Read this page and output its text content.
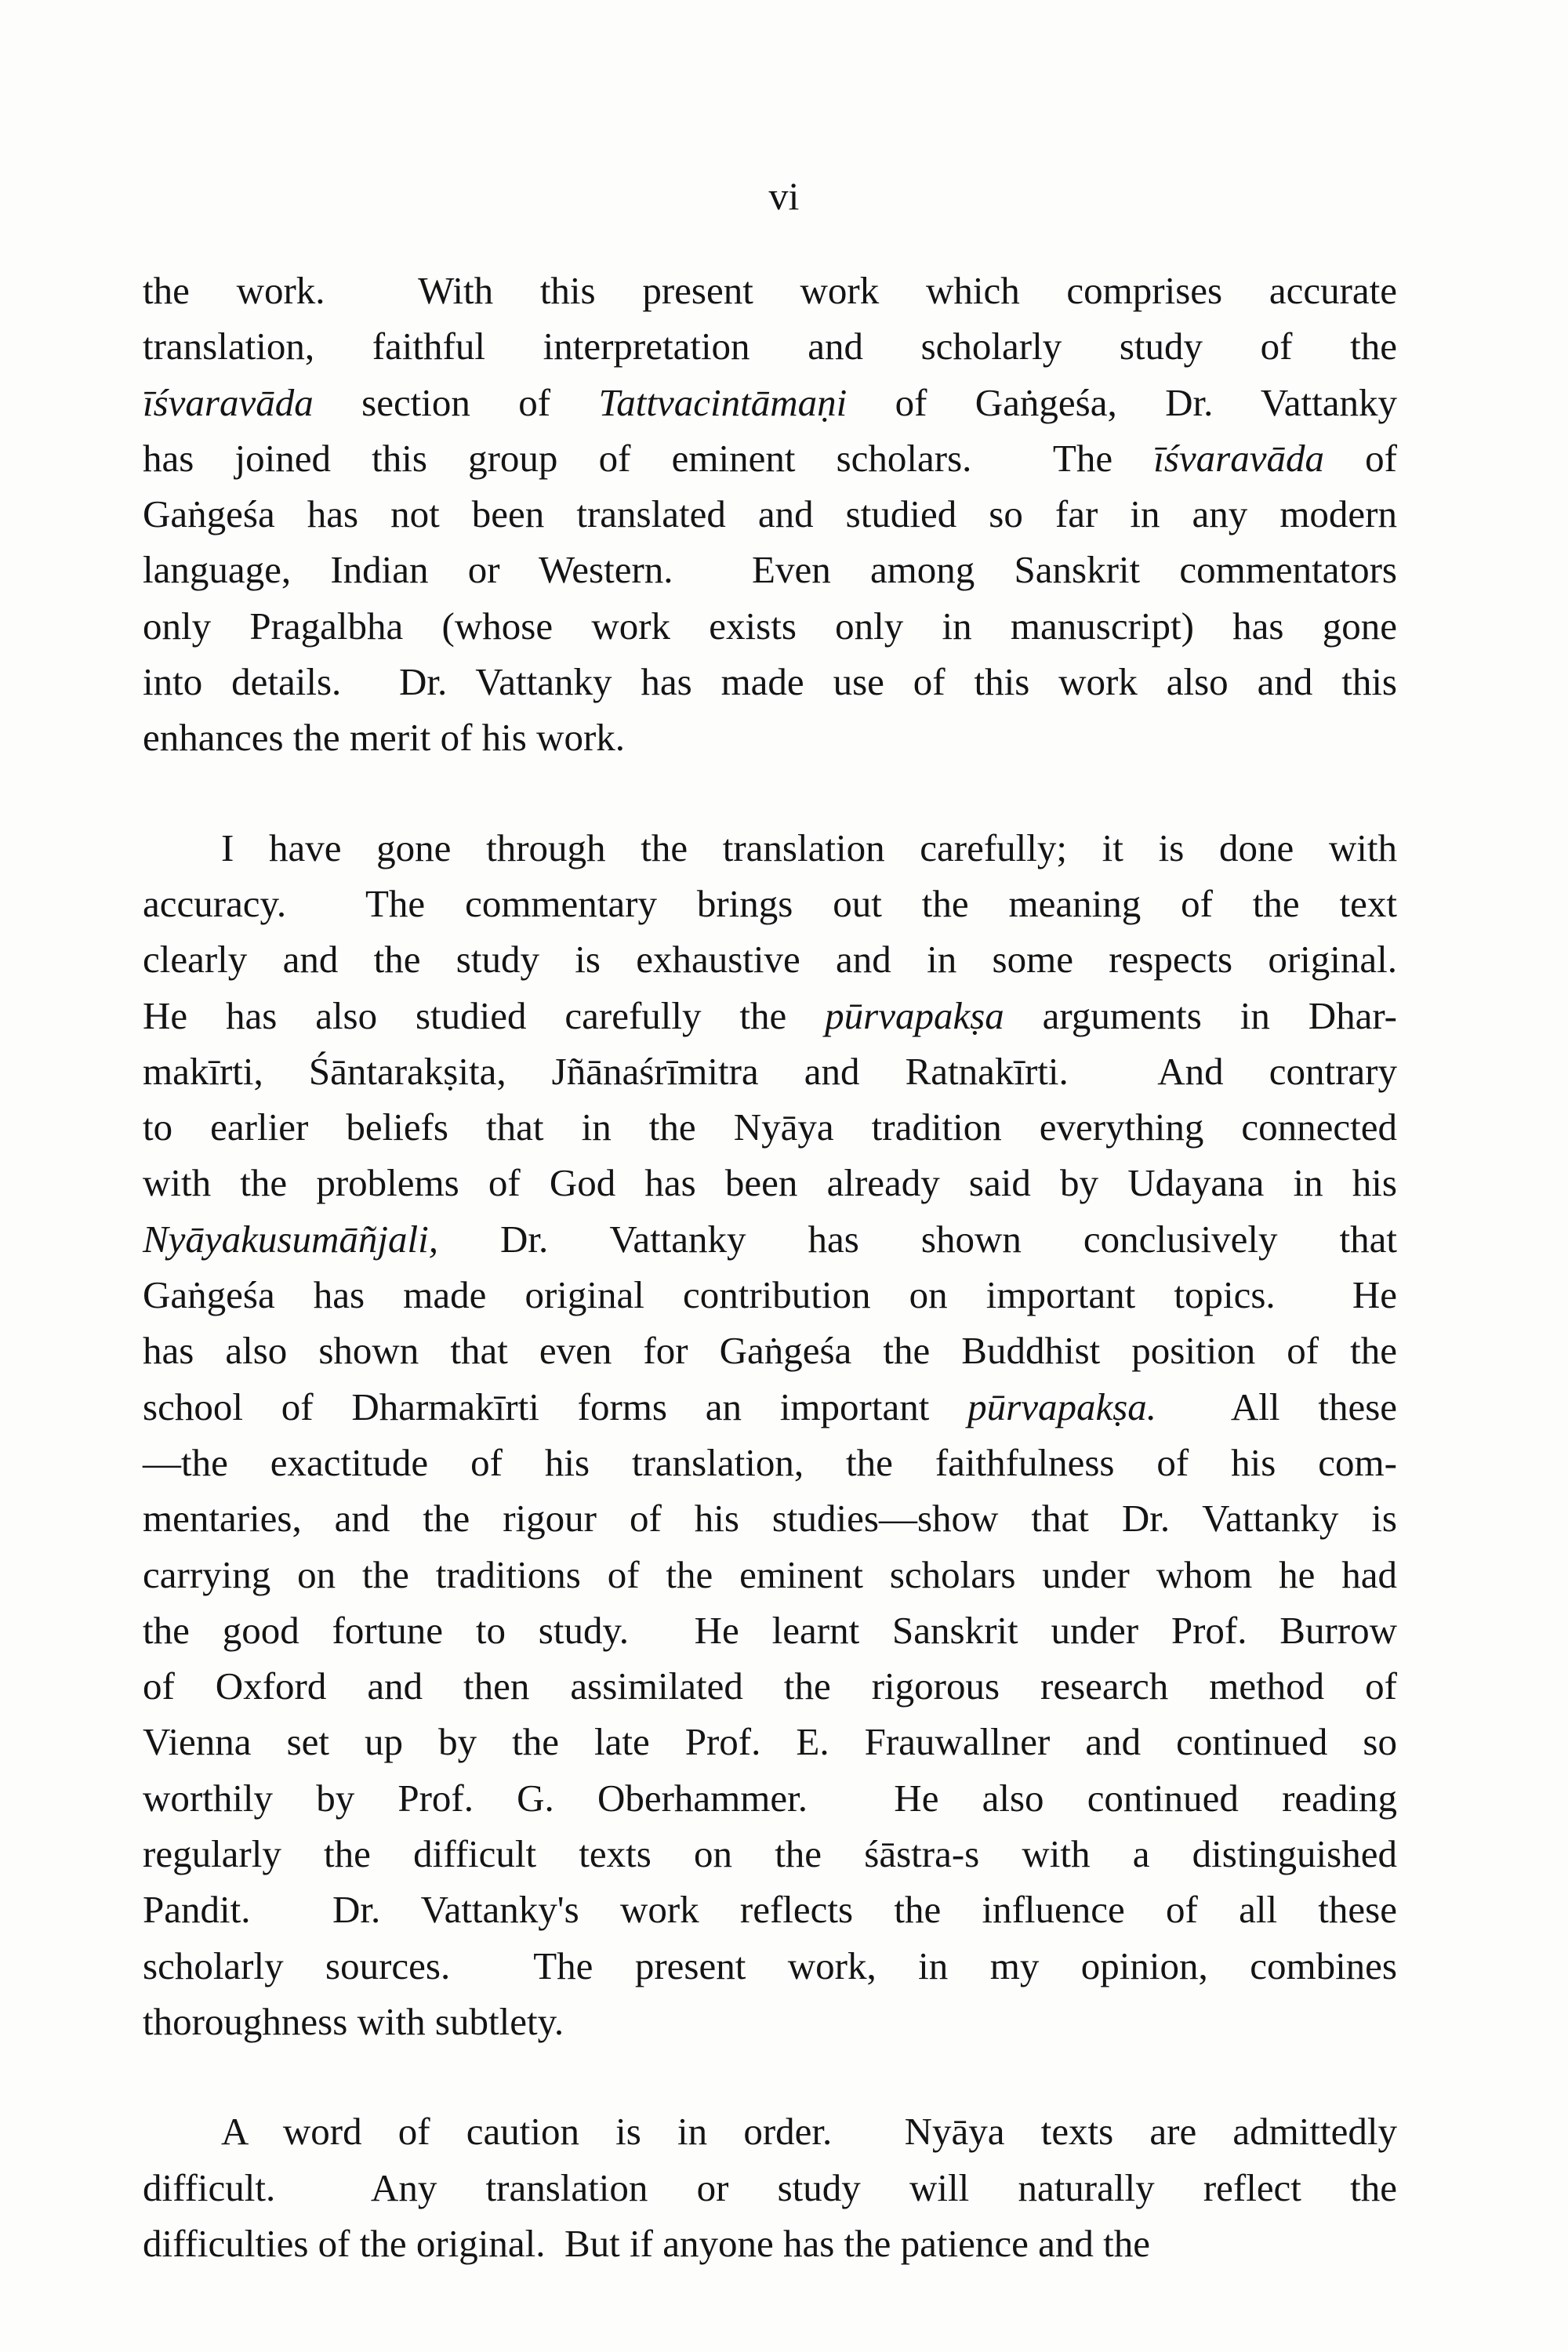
vi
the work.  With this present work which comprises accurate
translation, faithful interpretation and scholarly study of the
īśvaravāda section of Tattvacintāmaṇi of Gaṅgeśa, Dr. Vattanky
has joined this group of eminent scholars.  The īśvaravāda of
Gaṅgeśa has not been translated and studied so far in any modern
language, Indian or Western.  Even among Sanskrit commentators
only Pragalbha (whose work exists only in manuscript) has gone
into details.  Dr. Vattanky has made use of this work also and this
enhances the merit of his work.
I have gone through the translation carefully; it is done with
accuracy.  The commentary brings out the meaning of the text
clearly and the study is exhaustive and in some respects original.
He has also studied carefully the pūrvapakṣa arguments in Dhar-
makīrti, Śāntarakṣita, Jñānaśrīmitra and Ratnakīrti.  And contrary
to earlier beliefs that in the Nyāya tradition everything connected
with the problems of God has been already said by Udayana in his
Nyāyakusumāñjali, Dr. Vattanky has shown conclusively that
Gaṅgeśa has made original contribution on important topics.  He
has also shown that even for Gaṅgeśa the Buddhist position of the
school of Dharmakīrti forms an important pūrvapakṣa.  All these
—the exactitude of his translation, the faithfulness of his com-
mentaries, and the rigour of his studies—show that Dr. Vattanky is
carrying on the traditions of the eminent scholars under whom he had
the good fortune to study.  He learnt Sanskrit under Prof. Burrow
of Oxford and then assimilated the rigorous research method of
Vienna set up by the late Prof. E. Frauwallner and continued so
worthily by Prof. G. Oberhammer.  He also continued reading
regularly the difficult texts on the śāstra-s with a distinguished
Pandit.  Dr. Vattanky's work reflects the influence of all these
scholarly sources.  The present work, in my opinion, combines
thoroughness with subtlety.
A word of caution is in order.  Nyāya texts are admittedly
difficult.  Any translation or study will naturally reflect the
difficulties of the original.  But if anyone has the patience and the
